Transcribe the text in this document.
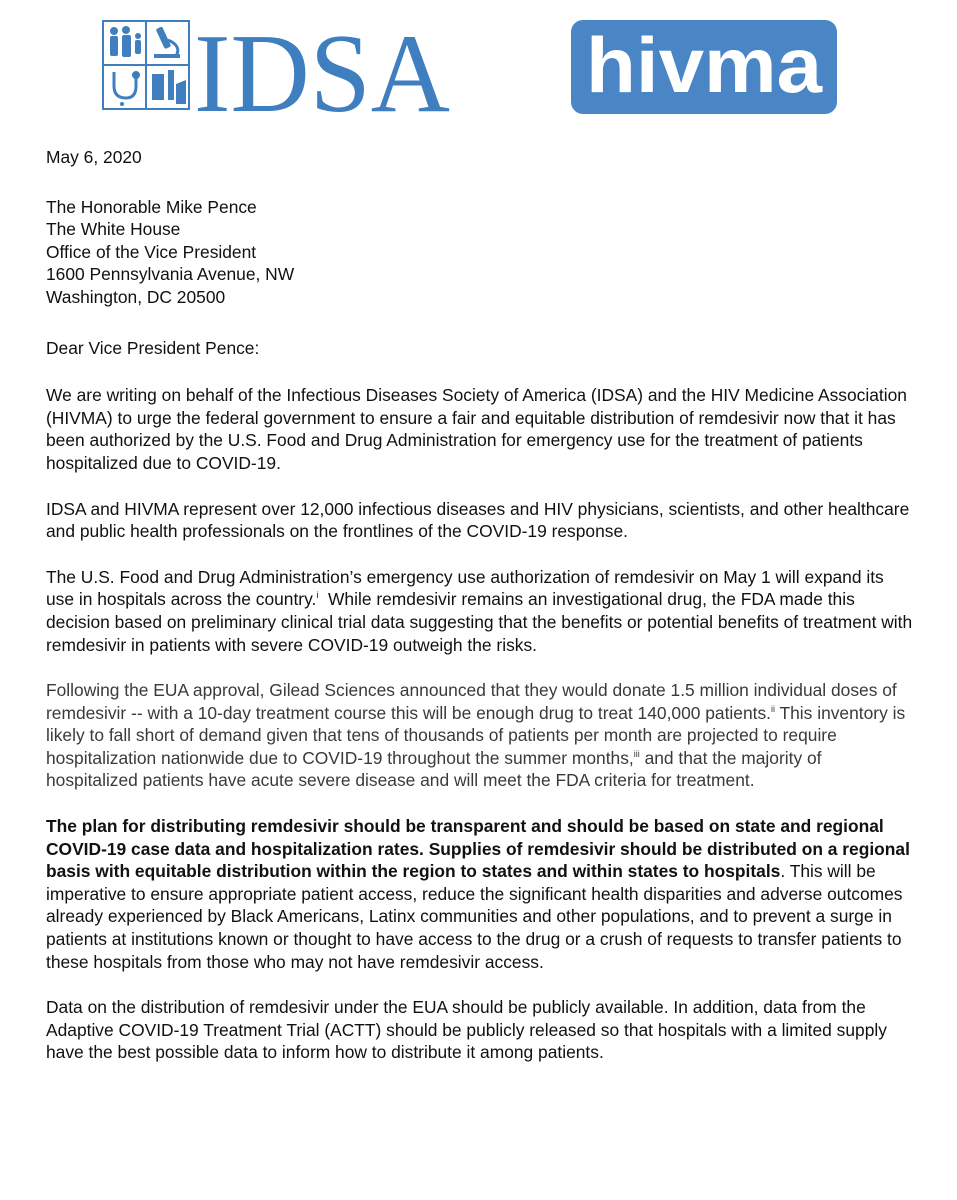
IDSA hivma

May 6, 2020

The Honorable Mike Pence
The White House
Office of the Vice President
1600 Pennsylvania Avenue, NW
Washington, DC 20500

Dear Vice President Pence:

We are writing on behalf of the Infectious Diseases Society of America (IDSA) and the HIV Medicine Association (HIVMA) to urge the federal government to ensure a fair and equitable distribution of remdesivir now that it has been authorized by the U.S. Food and Drug Administration for emergency use for the treatment of patients hospitalized due to COVID-19.

IDSA and HIVMA represent over 12,000 infectious diseases and HIV physicians, scientists, and other healthcare and public health professionals on the frontlines of the COVID-19 response.

The U.S. Food and Drug Administration’s emergency use authorization of remdesivir on May 1 will expand its use in hospitals across the country.$^i$  While remdesivir remains an investigational drug, the FDA made this decision based on preliminary clinical trial data suggesting that the benefits or potential benefits of treatment with remdesivir in patients with severe COVID-19 outweigh the risks.

Following the EUA approval, Gilead Sciences announced that they would donate 1.5 million individual doses of remdesivir -- with a 10-day treatment course this will be enough drug to treat 140,000 patients.$^{ii}$ This inventory is likely to fall short of demand given that tens of thousands of patients per month are projected to require hospitalization nationwide due to COVID-19 throughout the summer months,$^{iii}$ and that the majority of hospitalized patients have acute severe disease and will meet the FDA criteria for treatment.

The plan for distributing remdesivir should be transparent and should be based on state and regional COVID-19 case data and hospitalization rates. Supplies of remdesivir should be distributed on a regional basis with equitable distribution within the region to states and within states to hospitals. This will be imperative to ensure appropriate patient access, reduce the significant health disparities and adverse outcomes already experienced by Black Americans, Latinx communities and other populations, and to prevent a surge in patients at institutions known or thought to have access to the drug or a crush of requests to transfer patients to these hospitals from those who may not have remdesivir access.

Data on the distribution of remdesivir under the EUA should be publicly available. In addition, data from the Adaptive COVID-19 Treatment Trial (ACTT) should be publicly released so that hospitals with a limited supply have the best possible data to inform how to distribute it among patients.
